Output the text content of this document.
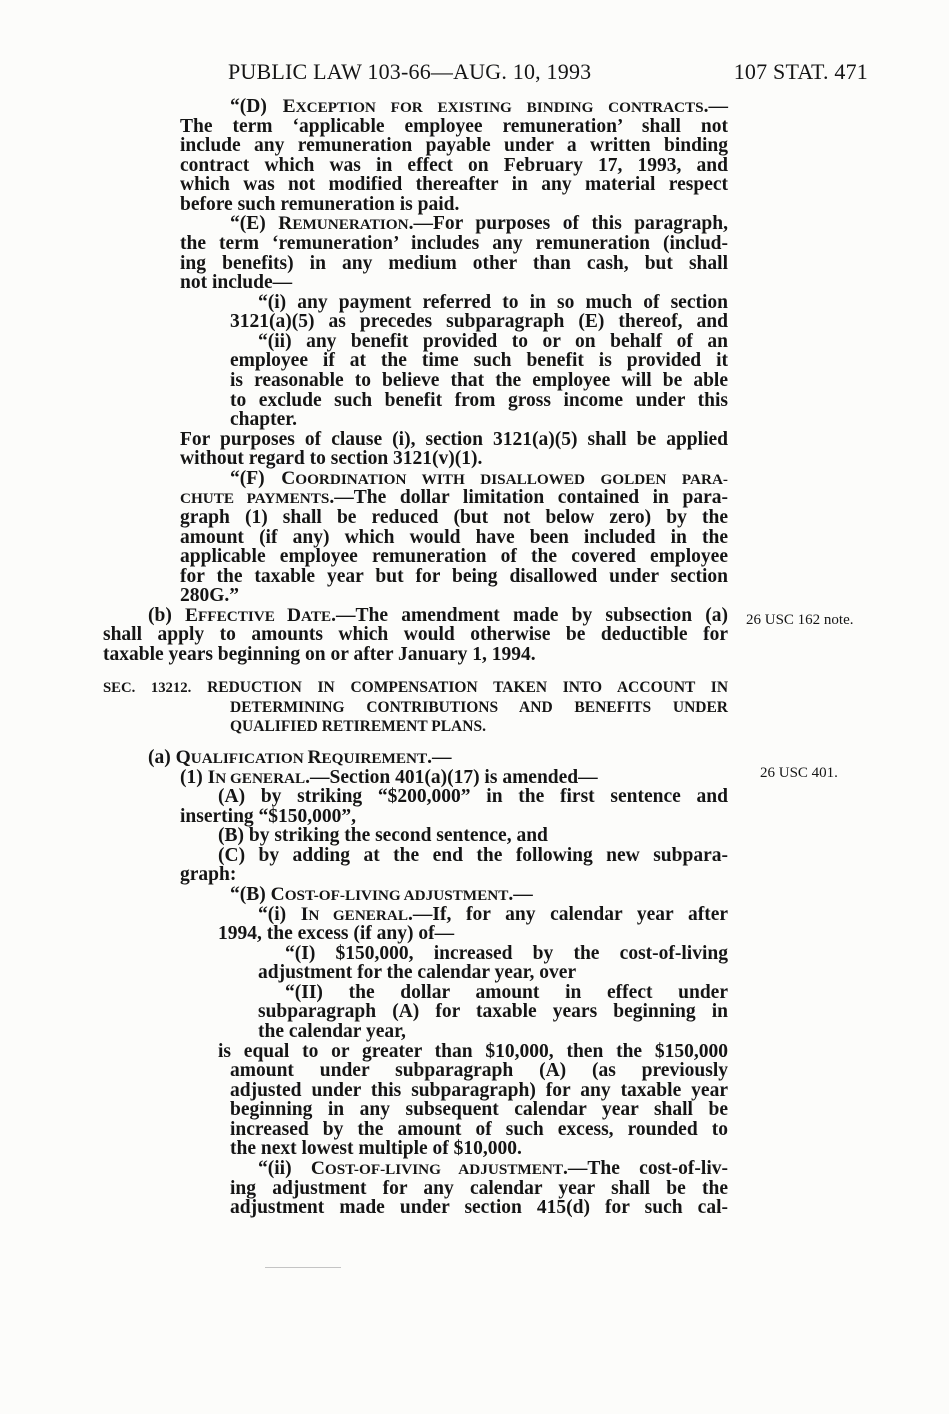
PUBLIC LAW 103-66—AUG. 10, 1993	107 STAT. 471
“(D) EXCEPTION FOR EXISTING BINDING CONTRACTS.—
The term ‘applicable employee remuneration’ shall not
include any remuneration payable under a written binding
contract which was in effect on February 17, 1993, and
which was not modified thereafter in any material respect
before such remuneration is paid.
“(E) REMUNERATION.—For purposes of this paragraph,
the term ‘remuneration’ includes any remuneration (includ-
ing benefits) in any medium other than cash, but shall
not include—
“(i) any payment referred to in so much of section
3121(a)(5) as precedes subparagraph (E) thereof, and
“(ii) any benefit provided to or on behalf of an
employee if at the time such benefit is provided it
is reasonable to believe that the employee will be able
to exclude such benefit from gross income under this
chapter.
For purposes of clause (i), section 3121(a)(5) shall be applied
without regard to section 3121(v)(1).
“(F) COORDINATION WITH DISALLOWED GOLDEN PARA-
CHUTE PAYMENTS.—The dollar limitation contained in para-
graph (1) shall be reduced (but not below zero) by the
amount (if any) which would have been included in the
applicable employee remuneration of the covered employee
for the taxable year but for being disallowed under section
280G.”
(b) EFFECTIVE DATE.—The amendment made by subsection (a) 26 USC 162 note.
shall apply to amounts which would otherwise be deductible for
taxable years beginning on or after January 1, 1994.
SEC. 13212. REDUCTION IN COMPENSATION TAKEN INTO ACCOUNT IN
DETERMINING CONTRIBUTIONS AND BENEFITS UNDER
QUALIFIED RETIREMENT PLANS.
(a) QUALIFICATION REQUIREMENT.—
(1) IN GENERAL.—Section 401(a)(17) is amended—	26 USC 401.
(A) by striking “$200,000” in the first sentence and
inserting “$150,000”,
(B) by striking the second sentence, and
(C) by adding at the end the following new subpara-
graph:
“(B) COST-OF-LIVING ADJUSTMENT.—
“(i) IN GENERAL.—If, for any calendar year after
1994, the excess (if any) of—
“(I) $150,000, increased by the cost-of-living
adjustment for the calendar year, over
“(II) the dollar amount in effect under
subparagraph (A) for taxable years beginning in
the calendar year,
is equal to or greater than $10,000, then the $150,000
amount under subparagraph (A) (as previously
adjusted under this subparagraph) for any taxable year
beginning in any subsequent calendar year shall be
increased by the amount of such excess, rounded to
the next lowest multiple of $10,000.
“(ii) COST-OF-LIVING ADJUSTMENT.—The cost-of-liv-
ing adjustment for any calendar year shall be the
adjustment made under section 415(d) for such cal-
